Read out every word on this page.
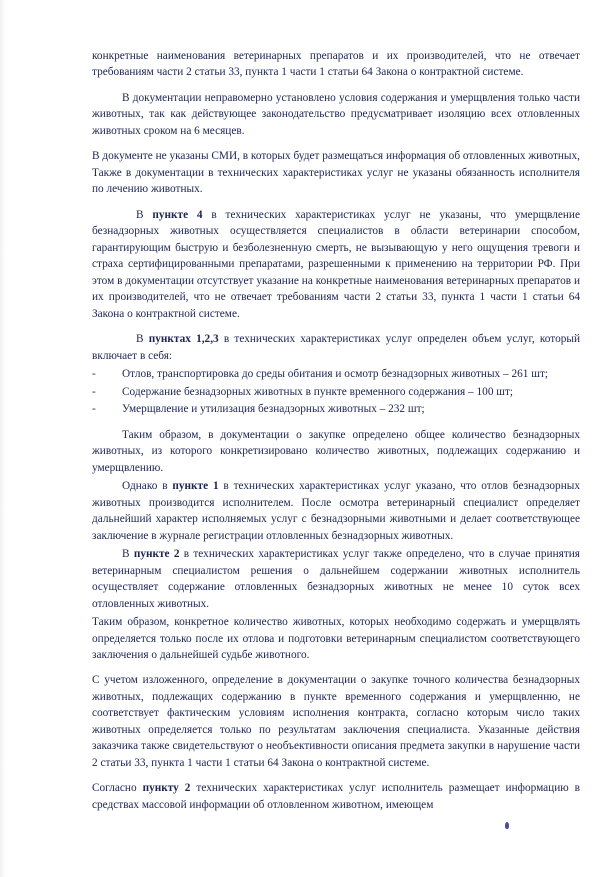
конкретные наименования ветеринарных препаратов и их производителей, что не отвечает требованиям части 2 статьи 33, пункта 1 части 1 статьи 64 Закона о контрактной системе.

В документации неправомерно установлено условия содержания и умерщвления только части животных, так как действующее законодательство предусматривает изоляцию всех отловленных животных сроком на 6 месяцев.

В документе не указаны СМИ, в которых будет размещаться информация об отловленных животных, Также в документации в технических характеристиках услуг не указаны обязанность исполнителя по лечению животных.

В пункте 4 в технических характеристиках услуг не указаны, что умерщвление безнадзорных животных осуществляется специалистов в области ветеринарии способом, гарантирующим быструю и безболезненную смерть, не вызывающую у него ощущения тревоги и страха сертифицированными препаратами, разрешенными к применению на территории РФ. При этом в документации отсутствует указание на конкретные наименования ветеринарных препаратов и их производителей, что не отвечает требованиям части 2 статьи 33, пункта 1 части 1 статьи 64 Закона о контрактной системе.

В пунктах 1,2,3 в технических характеристиках услуг определен объем услуг, который включает в себя:

-	Отлов, транспортировка до среды обитания и осмотр безнадзорных животных – 261 шт;
-	Содержание безнадзорных животных в пункте временного содержания – 100 шт;
-	Умерщвление и утилизация безнадзорных животных – 232 шт;

Таким образом, в документации о закупке определено общее количество безнадзорных животных, из которого конкретизировано количество животных, подлежащих содержанию и умерщвлению.

Однако в пункте 1 в технических характеристиках услуг указано, что отлов безнадзорных животных производится исполнителем. После осмотра ветеринарный специалист определяет дальнейший характер исполняемых услуг с безнадзорными животными и делает соответствующее заключение в журнале регистрации отловленных безнадзорных животных.

В пункте 2 в технических характеристиках услуг также определено, что в случае принятия ветеринарным специалистом решения о дальнейшем содержании животных исполнитель осуществляет содержание отловленных безнадзорных животных не менее 10 суток всех отловленных животных.

Таким образом, конкретное количество животных, которых необходимо содержать и умерщвлять определяется только после их отлова и подготовки ветеринарным специалистом соответствующего заключения о дальнейшей судьбе животного.

С учетом изложенного, определение в документации о закупке точного количества безнадзорных животных, подлежащих содержанию в пункте временного содержания и умерщвленню, не соответствует фактическим условиям исполнения контракта, согласно которым число таких животных определяется только по результатам заключения специалиста. Указанные действия заказчика также свидетельствуют о необъективности описания предмета закупки в нарушение части 2 статьи 33, пункта 1 части 1 статьи 64 Закона о контрактной системе.

Согласно пункту 2 технических характеристиках услуг исполнитель размещает информацию в средствах массовой информации об отловленном животном, имеющем
